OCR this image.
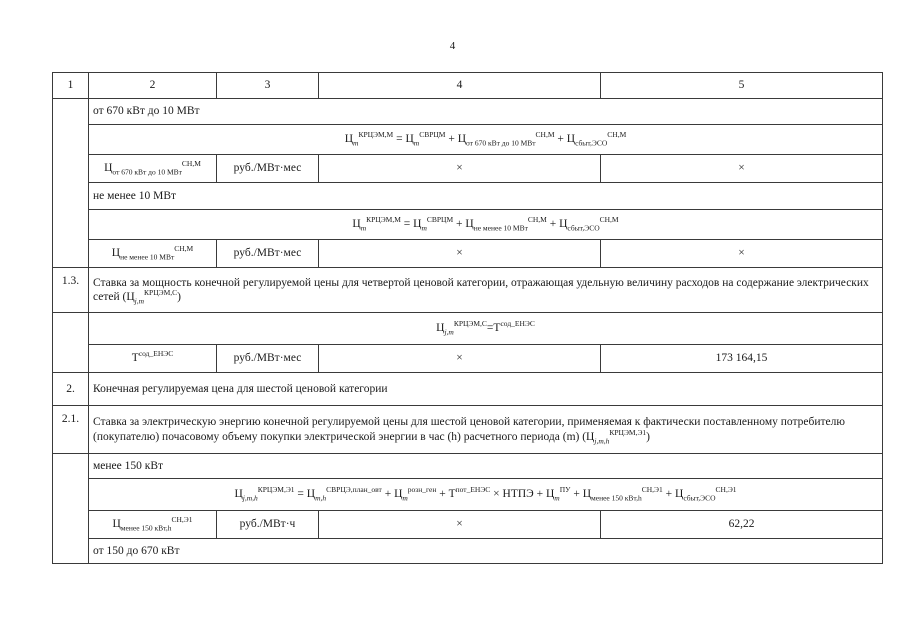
4
1	2	3	4	5
	от 670 кВт до 10 МВт			
	$Ц_m^{КРЦЭМ,М} = Ц_m^{СВРЦМ} + Ц_{от 670 кВт до 10 МВт}^{СН,М} + Ц_{сбыт,ЭСО}^{СН,М}$
	$Ц_{от 670 кВт до 10 МВт}^{СН,М}$	руб./МВт·мес	×	×
	не менее 10 МВт			
	$Ц_m^{КРЦЭМ,М} = Ц_m^{СВРЦМ} + Ц_{не менее 10 МВт}^{СН,М} + Ц_{сбыт,ЭСО}^{СН,М}$
	$Ц_{не менее 10 МВт}^{СН,М}$	руб./МВт·мес	×	×
1.3.	Ставка за мощность конечной регулируемой цены для четвертой ценовой категории, отражающая удельную величину расходов на содержание электрических сетей $(Ц_{j,m}^{КРЦЭМ,С})$			
	$Ц_{j,m}^{КРЦЭМ,С}=Т^{сод\_ЕНЭС}$
	$Т^{сод\_ЕНЭС}$	руб./МВт·мес	×	173 164,15
2.	Конечная регулируемая цена для шестой ценовой категории			
2.1.	Ставка за электрическую энергию конечной регулируемой цены для шестой ценовой категории, применяемая к фактически поставленному потребителю (покупателю) почасовому объему покупки электрической энергии в час (h) расчетного периода (m) $(Ц_{j,m,h}^{КРЦЭМ,Э1})$			
	менее 150 кВт			
	$Ц_{j,m,h}^{КРЦЭМ,Э1} = Ц_{m,h}^{СВРЦЭ,план\_овт} + Ц_m^{розн\_ген} + Т^{пот\_ЕНЭС}$ × НТПЭ + $Ц_m^{ПУ} + Ц_{менее 150 кВт,h}^{СН,Э1} + Ц_{сбыт,ЭСО}^{СН,Э1}$
	$Ц_{менее 150 кВт,h}^{СН,Э1}$	руб./МВт·ч	×	62,22
	от 150 до 670 кВт			
